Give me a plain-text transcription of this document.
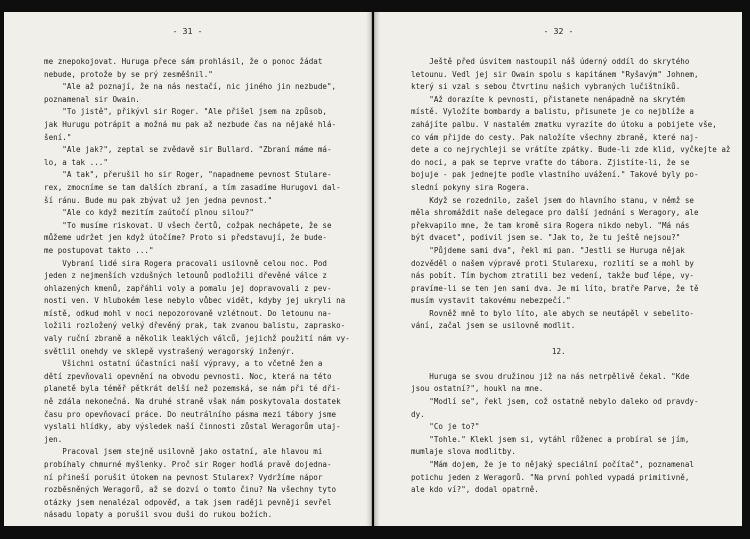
- 31 -
me znepokojovat. Huruga přece sám prohlásil, že o ponoc žádat
nebude, protože by se prý zesměšnil."
"Ale až poznají, že na nás nestačí, nic jiného jin nezbude",
poznamenal sir Owain.
"To jistě", přikývl sir Roger. "Ale přišel jsem na způsob,
jak Hurugu potrápit a možná mu pak až nezbude čas na nějaké hlá-
šení."
"Ale jak?", zeptal se zvědavě sir Bullard. "Zbraní máme má-
lo, a tak ..."
"A tak", přerušil ho sir Roger, "napadneme pevnost Stulare-
rex, zmocníme se tam dalších zbraní, a tím zasadíme Hurugovi dal-
ší ránu. Bude mu pak zbývat už jen jedna pevnost."
"Ale co když mezitím zaútočí plnou silou?"
"To musíme riskovat. U všech čertů, cožpak nechápete, že se
můžeme udržet jen když útočíme? Proto si představují, že bude-
me postupovat takto ..."
Vybraní lidé sira Rogera pracovali usilovně celou noc. Pod
jeden z nejmenších vzdušných letounů podložili dřevěné válce z
ohlazených kmenů, zapřáhli voly a pomalu jej dopravovali z pev-
nosti ven. V hlubokém lese nebylo vůbec vidět, kdyby jej ukryli na
místě, odkud mohl v noci nepozorovaně vzlétnout. Do letounu na-
ložili rozložený velký dřevěný prak, tak zvanou balistu, zaprasko-
valy ruční zbraně a několik leaklých válců, jejichž použití nám vy-
světlil onehdy ve sklepě vystrašený weragorský inženýr.
Všichni ostatní účastníci naší výpravy, a to včetně žen a
dětí zpevňovali opevnění na obvodu pevnosti. Noc, která na této
planetě byla téměř pětkrát delší než pozemská, se nám při té dři-
ně zdála nekonečná. Na druhé straně však nám poskytovala dostatek
času pro opevňovací práce. Do neutrálního pásma mezi tábory jsme
vyslali hlídky, aby výsledek naší činnosti zůstal Weragorům utaj-
jen.
Pracoval jsem stejně usilovně jako ostatní, ale hlavou mi
probíhaly chmurné myšlenky. Proč sir Roger hodlá pravě dojedna-
ní přineší porušit útokem na pevnost Stularex? Vydržíme nápor
rozběsněných Weragorů, až se dozví o tomto činu? Na všechny tyto
otázky jsem nenalézal odpověď, a tak jsem raději pevněji sevřel
násadu lopaty a porušil svou duši do rukou božích.
- 32 -
Ještě před úsvitem nastoupil náš úderný oddíl do skrytého
letounu. Vedl jej sir Owain spolu s kapitánem "Ryšavým" Johnem,
který si vzal s sebou čtvrtinu našich vybraných lučištníků.
"Až dorazíte k pevnosti, přistanete nenápadně na skrytém
místě. Vyložíte bombardy a balistu, přisunete je co nejblíže a
zahájíte palbu. V nastalém zmatku vyrazíte do útoku a pobijete vše,
co vám přijde do cesty. Pak naložíte všechny zbraně, které naj-
dete a co nejrychleji se vrátíte zpátky. Bude-li zde klid, vyčkejte až
do noci, a pak se teprve vraťte do tábora. Zjistíte-li, že se
bojuje - pak jednejte podle vlastního uvážení." Takové byly po-
slední pokyny sira Rogera.
Když se rozednilo, zašel jsem do hlavního stanu, v němž se
měla shromáždit naše delegace pro další jednání s Weragory, ale
překvapilo mne, že tam kromě sira Rogera nikdo nebyl. "Má nás
být dvacet", podivil jsem se. "Jak to, že tu ještě nejsou?"
"Půjdeme sami dva", řekl mi pan. "Jestli se Huruga nějak
dozvěděl o našem výpravě proti Stularexu, rozlití se a mohl by
nás pobít. Tím bychom ztratili bez vedení, takže buď lépe, vy-
pravíme-li se ten jen sami dva. Je mi líto, bratře Parve, že tě
musím vystavit takovému nebezpečí."
Rovněž mně to bylo líto, ale abych se neutápěl v sebelito-
vání, začal jsem se usilovně modlit.
12.
Huruga se svou družinou již na nás netrpělivě čekal. "Kde
jsou ostatní?", houkl na mne.
"Modlí se", řekl jsem, což ostatně nebylo daleko od pravdy-
dy.
"Co je to?"
"Tohle." Klekl jsem si, vytáhl růženec a probíral se jím,
mumlaje slova modlitby.
"Mám dojem, že je to nějaký speciální počítač", poznamenal
potichu jeden z Weragorů. "Na první pohled vypadá primitivně,
ale kdo ví?", dodal opatrně.
